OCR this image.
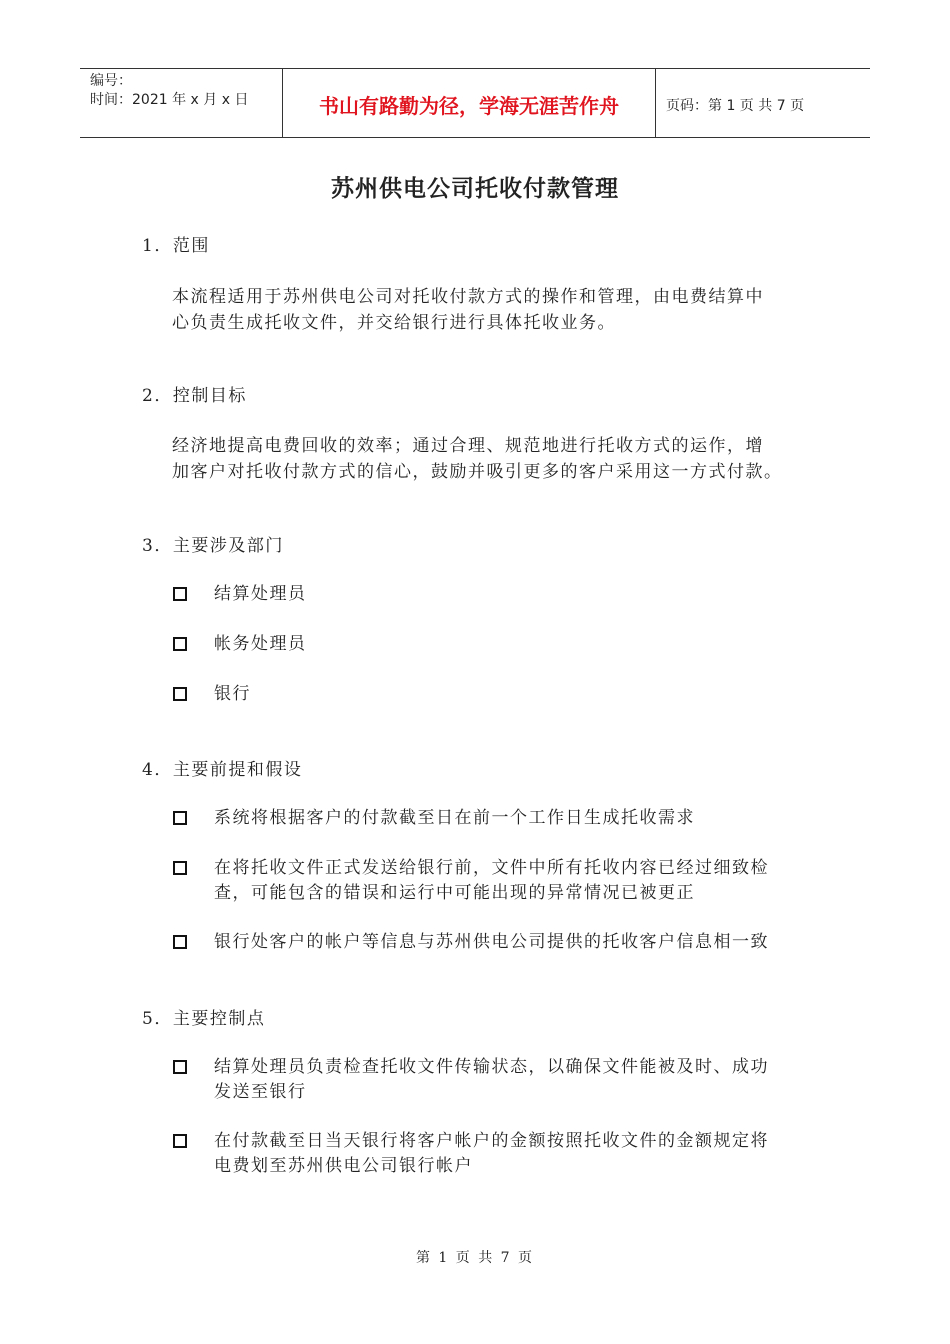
编号：
时间：2021 年 x 月 x 日	书山有路勤为径，学海无涯苦作舟	页码：第 1 页 共 7 页
苏州供电公司托收付款管理
1．范围
本流程适用于苏州供电公司对托收付款方式的操作和管理，由电费结算中
心负责生成托收文件，并交给银行进行具体托收业务。
2．控制目标
经济地提高电费回收的效率；通过合理、规范地进行托收方式的运作，增
加客户对托收付款方式的信心，鼓励并吸引更多的客户采用这一方式付款。
3．主要涉及部门
结算处理员
帐务处理员
银行
4．主要前提和假设
系统将根据客户的付款截至日在前一个工作日生成托收需求
在将托收文件正式发送给银行前，文件中所有托收内容已经过细致检
查，可能包含的错误和运行中可能出现的异常情况已被更正
银行处客户的帐户等信息与苏州供电公司提供的托收客户信息相一致
5．主要控制点
结算处理员负责检查托收文件传输状态，以确保文件能被及时、成功
发送至银行
在付款截至日当天银行将客户帐户的金额按照托收文件的金额规定将
电费划至苏州供电公司银行帐户
第 1 页 共 7 页
